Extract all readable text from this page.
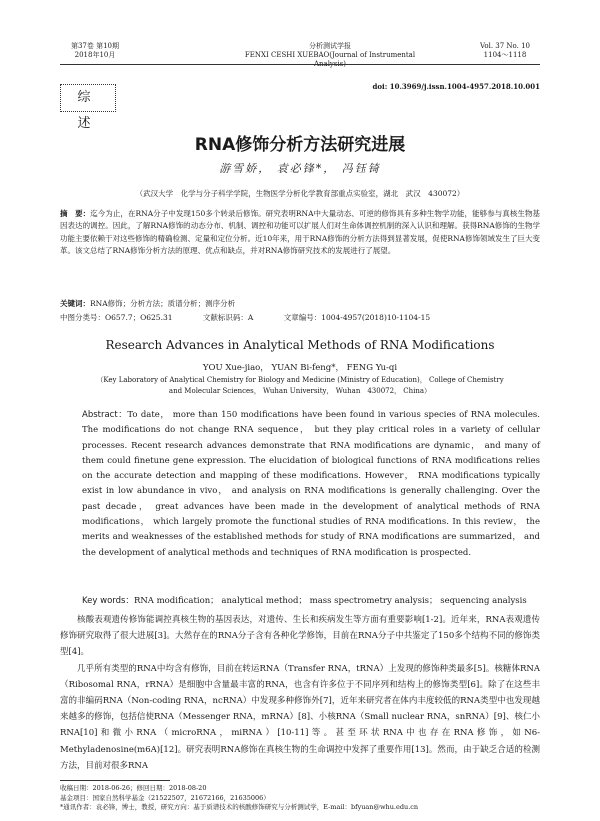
第37卷 第10期
2018年10月
分析测试学报
FENXI CESHI XUEBAO(Journal of Instrumental Analysis)
Vol. 37 No. 10
1104～1118
综 述
doi: 10.3969/j.issn.1004-4957.2018.10.001
RNA修饰分析方法研究进展
游雪娇， 袁必锋*， 冯钰锜
（武汉大学　化学与分子科学学院，生物医学分析化学教育部重点实验室，湖北　武汉　430072）
摘　要：迄今为止，在RNA分子中发现150多个转录后修饰。研究表明RNA中大量动态、可逆的修饰具有多种生物学功能，能够参与真核生物基因表达的调控。因此，了解RNA修饰的动态分布、机制、调控和功能可以扩展人们对生命体调控机制的深入认识和理解。获得RNA修饰的生物学功能主要依赖于对这些修饰的精确检测、定量和定位分析。近10年来，用于RNA修饰的分析方法得到显著发展，促使RNA修饰领域发生了巨大变革。该文总结了RNA修饰分析方法的原理、优点和缺点，并对RNA修饰研究技术的发展进行了展望。
关键词：RNA修饰；分析方法；质谱分析；测序分析
中图分类号：O657.7；O625.31	文献标识码：A	文章编号：1004-4957(2018)10-1104-15
Research Advances in Analytical Methods of RNA Modifications
YOU Xue-jiao， YUAN Bi-feng*， FENG Yu-qi
（Key Laboratory of Analytical Chemistry for Biology and Medicine (Ministry of Education)， College of Chemistry and Molecular Sciences， Wuhan University， Wuhan　430072， China）
Abstract：To date， more than 150 modifications have been found in various species of RNA molecules. The modifications do not change RNA sequence， but they play critical roles in a variety of cellular processes. Recent research advances demonstrate that RNA modifications are dynamic， and many of them could finetune gene expression. The elucidation of biological functions of RNA modifications relies on the accurate detection and mapping of these modifications. However， RNA modifications typically exist in low abundance in vivo， and analysis on RNA modifications is generally challenging. Over the past decade， great advances have been made in the development of analytical methods of RNA modifications， which largely promote the functional studies of RNA modifications. In this review， the merits and weaknesses of the established methods for study of RNA modifications are summarized， and the development of analytical methods and techniques of RNA modification is prospected.
Key words：RNA modification； analytical method； mass spectrometry analysis； sequencing analysis

核酸表观遗传修饰能调控真核生物的基因表达，对遗传、生长和疾病发生等方面有重要影响[1-2]。近年来，RNA表观遗传修饰研究取得了很大进展[3]。大然存在的RNA分子含有各种化学修饰，目前在RNA分子中共鉴定了150多个结构不同的修饰类型[4]。

几乎所有类型的RNA中均含有修饰，目前在转运RNA（Transfer RNA，tRNA）上发现的修饰种类最多[5]。核糖体RNA（Ribosomal RNA，rRNA）是细胞中含量最丰富的RNA，也含有许多位于不同序列和结构上的修饰类型[6]。除了在这些丰富的非编码RNA（Non-coding RNA，ncRNA）中发现多种修饰外[7]，近年来研究者在体内丰度较低的RNA类型中也发现越来越多的修饰，包括信使RNA（Messenger RNA，mRNA）[8]、小核RNA（Small nuclear RNA，snRNA）[9]、核仁小RNA[10]和微小RNA（microRNA，miRNA）[10-11]等。甚至环状RNA中也存在RNA修饰，如N6-Methyladenosine(m6A)[12]。研究表明RNA修饰在真核生物的生命调控中发挥了重要作用[13]。然而，由于缺乏合适的检测方法，目前对很多RNA

收稿日期：2018-06-26；修回日期：2018-08-20
基金项目：国家自然科学基金（21522507，21672166，21635006）
*通讯作者：袁必锋，博士，教授，研究方向：基于质谱技术的核酸修饰研究与分析测试学，E-mail：bfyuan@whu.edu.cn
